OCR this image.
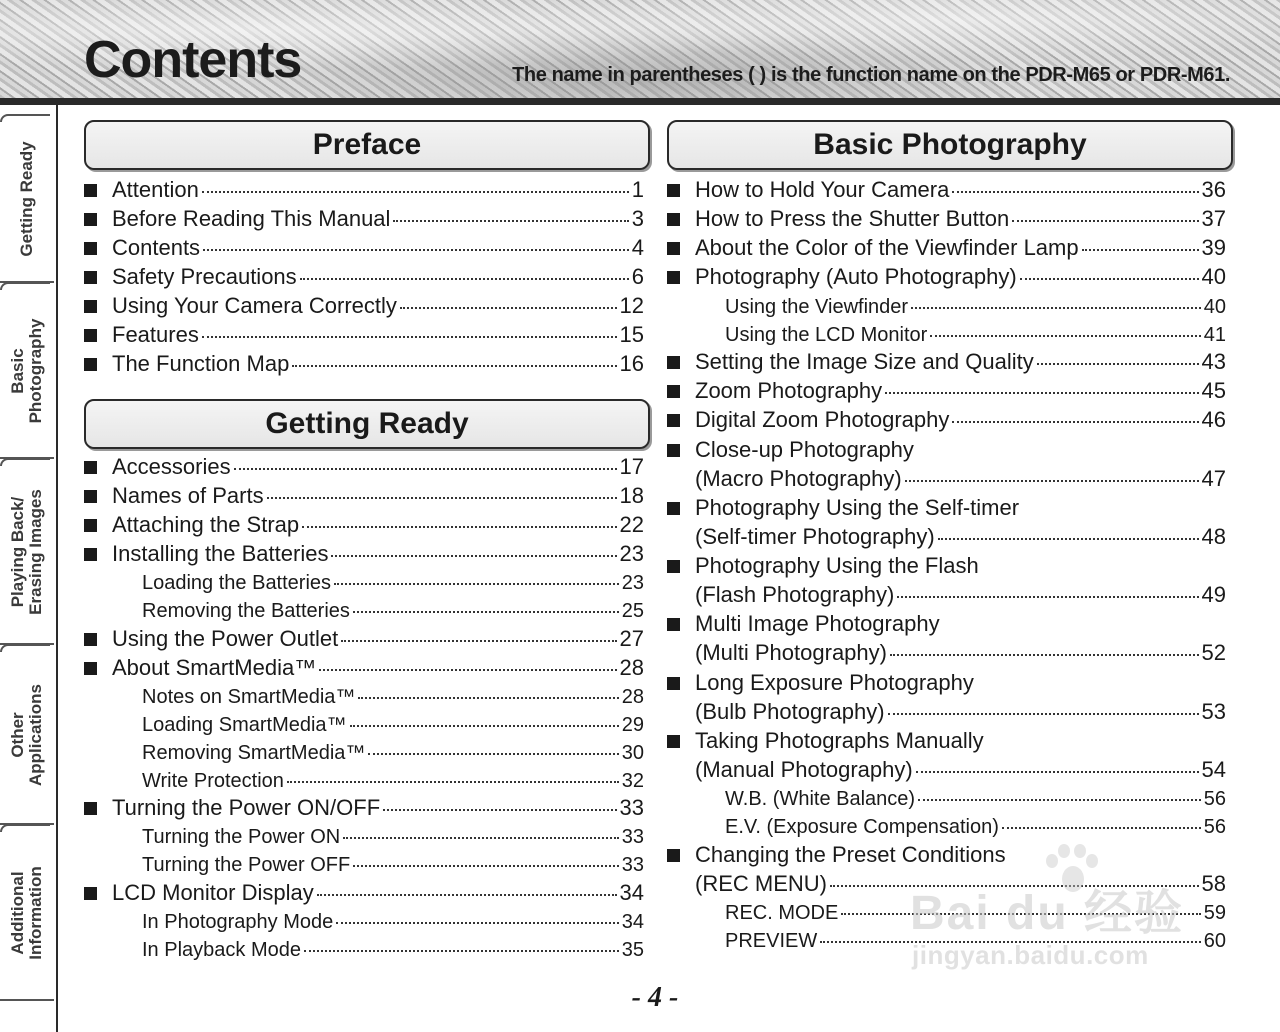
Contents	The name in parentheses ( ) is the function name on the PDR-M65 or PDR-M61.
Getting Ready
Basic
Photography
Playing Back/
Erasing Images
Other
Applications
Additional
Information
Preface
Getting Ready
Basic Photography
Attention	1
Before Reading This Manual	3
Contents	4
Safety Precautions	6
Using Your Camera Correctly	12
Features	15
The Function Map	16
Accessories	17
Names of Parts	18
Attaching the Strap	22
Installing the Batteries	23
Loading the Batteries	23
Removing the Batteries	25
Using the Power Outlet	27
About SmartMedia™	28
Notes on SmartMedia™	28
Loading SmartMedia™	29
Removing SmartMedia™	30
Write Protection	32
Turning the Power ON/OFF	33
Turning the Power ON	33
Turning the Power OFF	33
LCD Monitor Display	34
In Photography Mode	34
In Playback Mode	35
How to Hold Your Camera	36
How to Press the Shutter Button	37
About the Color of the Viewfinder Lamp	39
Photography (Auto Photography)	40
Using the Viewfinder	40
Using the LCD Monitor	41
Setting the Image Size and Quality	43
Zoom Photography	45
Digital Zoom Photography	46
Close-up Photography
(Macro Photography)	47
Photography Using the Self-timer
(Self-timer Photography)	48
Photography Using the Flash
(Flash Photography)	49
Multi Image Photography
(Multi Photography)	52
Long Exposure Photography
(Bulb Photography)	53
Taking Photographs Manually
(Manual Photography)	54
W.B. (White Balance)	56
E.V. (Exposure Compensation)	56
Changing the Preset Conditions
(REC MENU)	58
REC. MODE	59
PREVIEW	60
- 4 -
Bai du 经验
jingyan.baidu.com
